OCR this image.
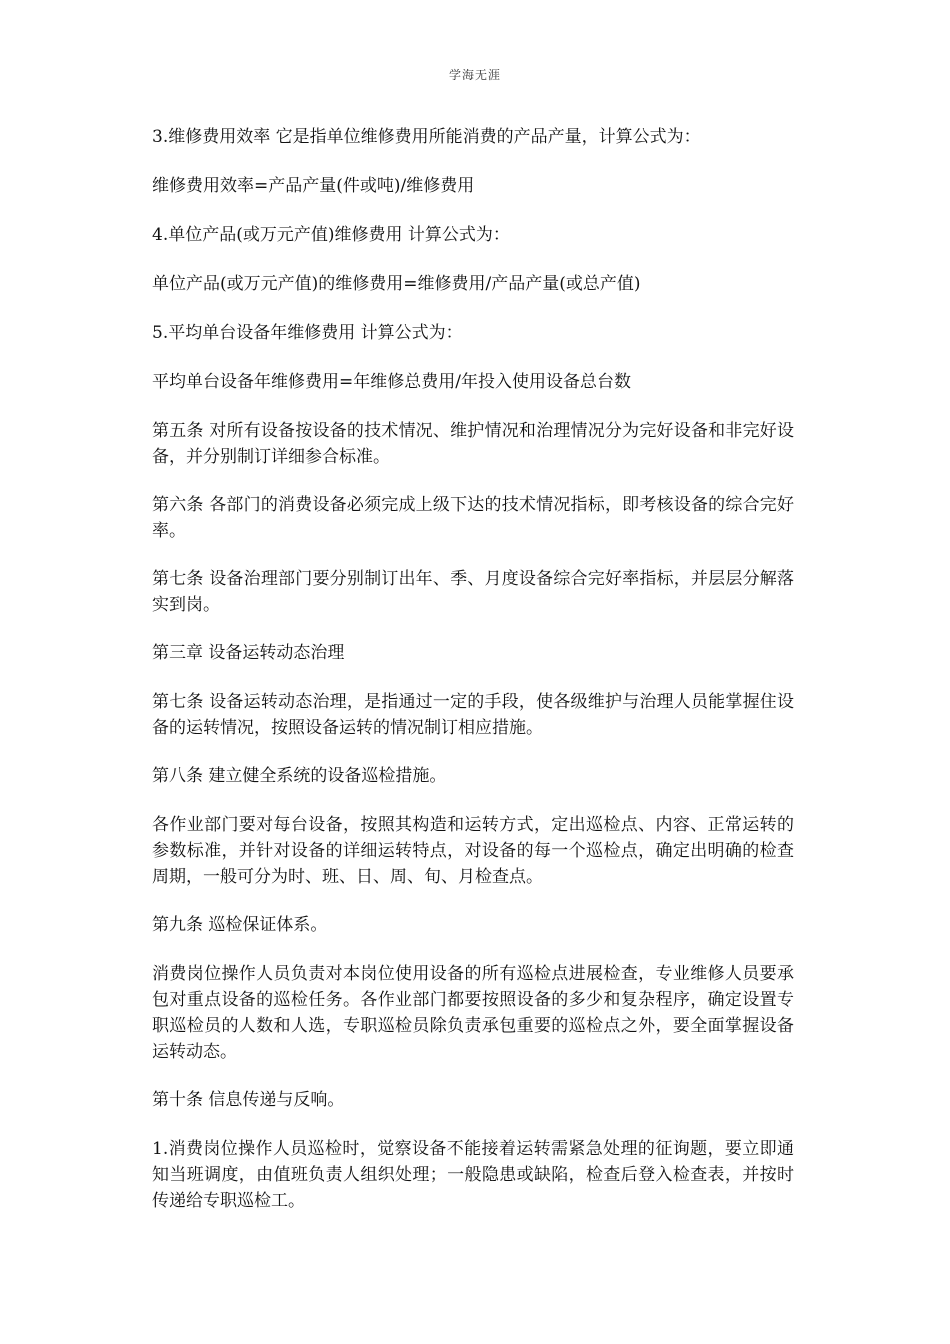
学海无涯

3.维修费用效率 它是指单位维修费用所能消费的产品产量，计算公式为：

维修费用效率=产品产量(件或吨)/维修费用

4.单位产品(或万元产值)维修费用 计算公式为：

单位产品(或万元产值)的维修费用=维修费用/产品产量(或总产值)

5.平均单台设备年维修费用 计算公式为：

平均单台设备年维修费用=年维修总费用/年投入使用设备总台数

第五条 对所有设备按设备的技术情况、维护情况和治理情况分为完好设备和非完好设备，并分别制订详细参合标准。

第六条 各部门的消费设备必须完成上级下达的技术情况指标，即考核设备的综合完好率。

第七条 设备治理部门要分别制订出年、季、月度设备综合完好率指标，并层层分解落实到岗。

第三章 设备运转动态治理

第七条 设备运转动态治理，是指通过一定的手段，使各级维护与治理人员能掌握住设备的运转情况，按照设备运转的情况制订相应措施。

第八条 建立健全系统的设备巡检措施。

各作业部门要对每台设备，按照其构造和运转方式，定出巡检点、内容、正常运转的参数标准，并针对设备的详细运转特点，对设备的每一个巡检点，确定出明确的检查周期，一般可分为时、班、日、周、旬、月检查点。

第九条 巡检保证体系。

消费岗位操作人员负责对本岗位使用设备的所有巡检点进展检查，专业维修人员要承包对重点设备的巡检任务。各作业部门都要按照设备的多少和复杂程序，确定设置专职巡检员的人数和人选，专职巡检员除负责承包重要的巡检点之外，要全面掌握设备运转动态。

第十条 信息传递与反响。

1.消费岗位操作人员巡检时，觉察设备不能接着运转需紧急处理的征询题，要立即通知当班调度，由值班负责人组织处理；一般隐患或缺陷，检查后登入检查表，并按时传递给专职巡检工。
